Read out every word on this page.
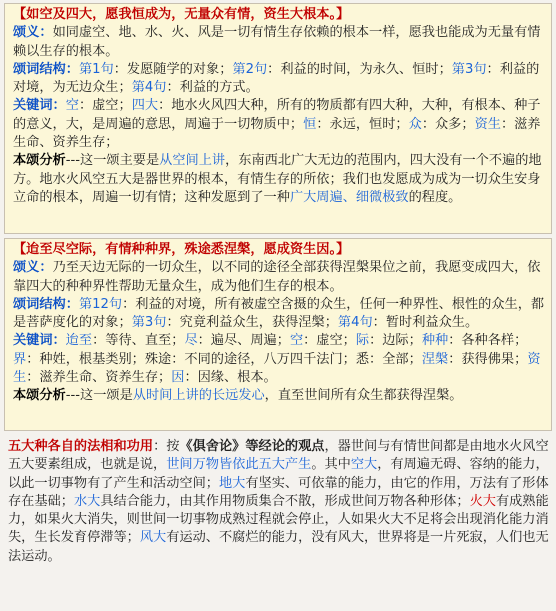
【如空及四大，愿我恒成为，无量众有情，资生大根本。】

颂义：如同虚空、地、水、火、风是一切有情生存依赖的根本一样，愿我也能成为无量有情赖以生存的根本。

颂词结构：第1句：发愿随学的对象；第2句：利益的时间，为永久、恒时；第3句：利益的对境，为无边众生；第4句：利益的方式。

关键词：空：虚空；四大：地水火风四大种，所有的物质都有四大种，大种，有根本、种子的意义，大，是周遍的意思，周遍于一切物质中；恒：永远，恒时；众：众多；资生：滋养生命、资养生存；

本颂分析---这一颂主要是从空间上讲，东南西北广大无边的范围内，四大没有一个不遍的地方。地水火风空五大是器世界的根本，有情生存的所依；我们也发愿成为成为一切众生安身立命的根本，周遍一切有情；这种发愿到了一种广大周遍、细微极致的程度。

【迨至尽空际，有情种种界，殊途悉涅槃，愿成资生因。】

颂义：乃至天边无际的一切众生，以不同的途径全部获得涅槃果位之前，我愿变成四大，依靠四大的种种界性帮助无量众生，成为他们生存的根本。

颂词结构：第12句：利益的对境，所有被虚空含摄的众生，任何一种界性、根性的众生，都是菩萨度化的对象；第3句：究竟利益众生，获得涅槃；第4句：暂时利益众生。

关键词：迨至：等待、直至；尽：遍尽、周遍；空：虚空；际：边际；种种：各种各样；界：种姓，根基类别；殊途：不同的途径，八万四千法门；悉：全部；涅槃：获得佛果；资生：滋养生命、资养生存；因：因缘、根本。

本颂分析---这一颂是从时间上讲的长远发心，直至世间所有众生都获得涅槃。

五大种各自的法相和功用：按《俱舍论》等经论的观点，器世间与有情世间都是由地水火风空五大要素组成，也就是说，世间万物皆依此五大产生。其中空大，有周遍无碍、容纳的能力，以此一切事物有了产生和活动空间；地大有坚实、可依靠的能力，由它的作用，万法有了形体存在基础；水大具结合能力，由其作用物质集合不散，形成世间万物各种形体；火大有成熟能力，如果火大消失，则世间一切事物成熟过程就会停止，人如果火大不足将会出现消化能力消失，生长发育停滞等；风大有运动、不腐烂的能力，没有风大，世界将是一片死寂，人们也无法运动。
